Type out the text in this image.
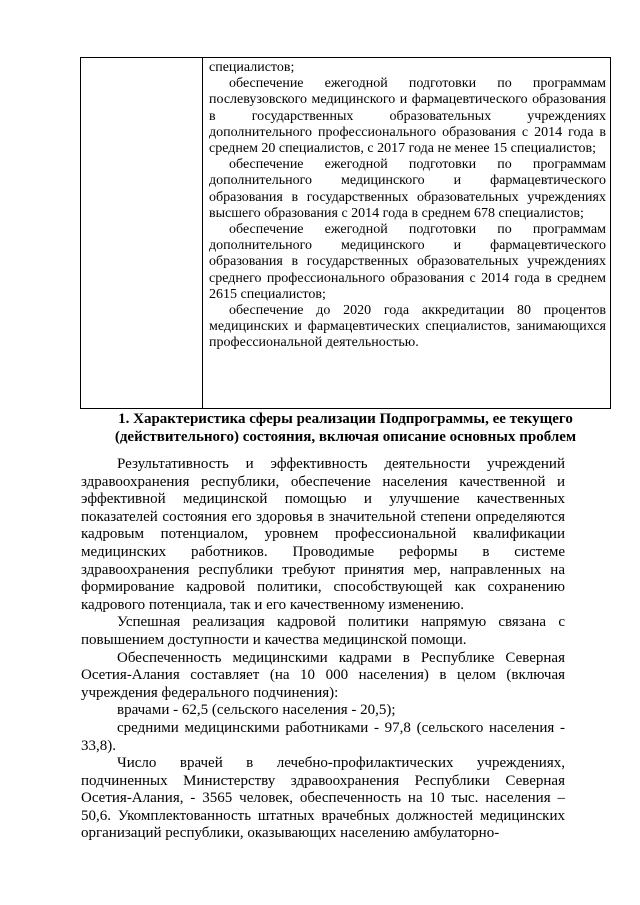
специалистов;

обеспечение ежегодной подготовки по программам послевузовского медицинского и фармацевтического образования в государственных образовательных учреждениях дополнительного профессионального образования с 2014 года в среднем 20 специалистов, с 2017 года не менее 15 специалистов;

обеспечение ежегодной подготовки по программам дополнительного медицинского и фармацевтического образования в государственных образовательных учреждениях высшего образования с 2014 года в среднем 678 специалистов;

обеспечение ежегодной подготовки по программам дополнительного медицинского и фармацевтического образования в государственных образовательных учреждениях среднего профессионального образования с 2014 года в среднем 2615 специалистов;

обеспечение до 2020 года аккредитации 80 процентов медицинских и фармацевтических специалистов, занимающихся профессиональной деятельностью.

1. Характеристика сферы реализации Подпрограммы, ее текущего (действительного) состояния, включая описание основных проблем

Результативность и эффективность деятельности учреждений здравоохранения республики, обеспечение населения качественной и эффективной медицинской помощью и улучшение качественных показателей состояния его здоровья в значительной степени определяются кадровым потенциалом, уровнем профессиональной квалификации медицинских работников. Проводимые реформы в системе здравоохранения республики требуют принятия мер, направленных на формирование кадровой политики, способствующей как сохранению кадрового потенциала, так и его качественному изменению.

Успешная реализация кадровой политики напрямую связана с повышением доступности и качества медицинской помощи.

Обеспеченность медицинскими кадрами в Республике Северная Осетия-Алания составляет (на 10 000 населения) в целом (включая учреждения федерального подчинения):

врачами - 62,5 (сельского населения - 20,5);

средними медицинскими работниками - 97,8 (сельского населения - 33,8).

Число врачей в лечебно-профилактических учреждениях, подчиненных Министерству здравоохранения Республики Северная Осетия-Алания, - 3565 человек, обеспеченность на 10 тыс. населения – 50,6. Укомплектованность штатных врачебных должностей медицинских организаций республики, оказывающих населению амбулаторно-
